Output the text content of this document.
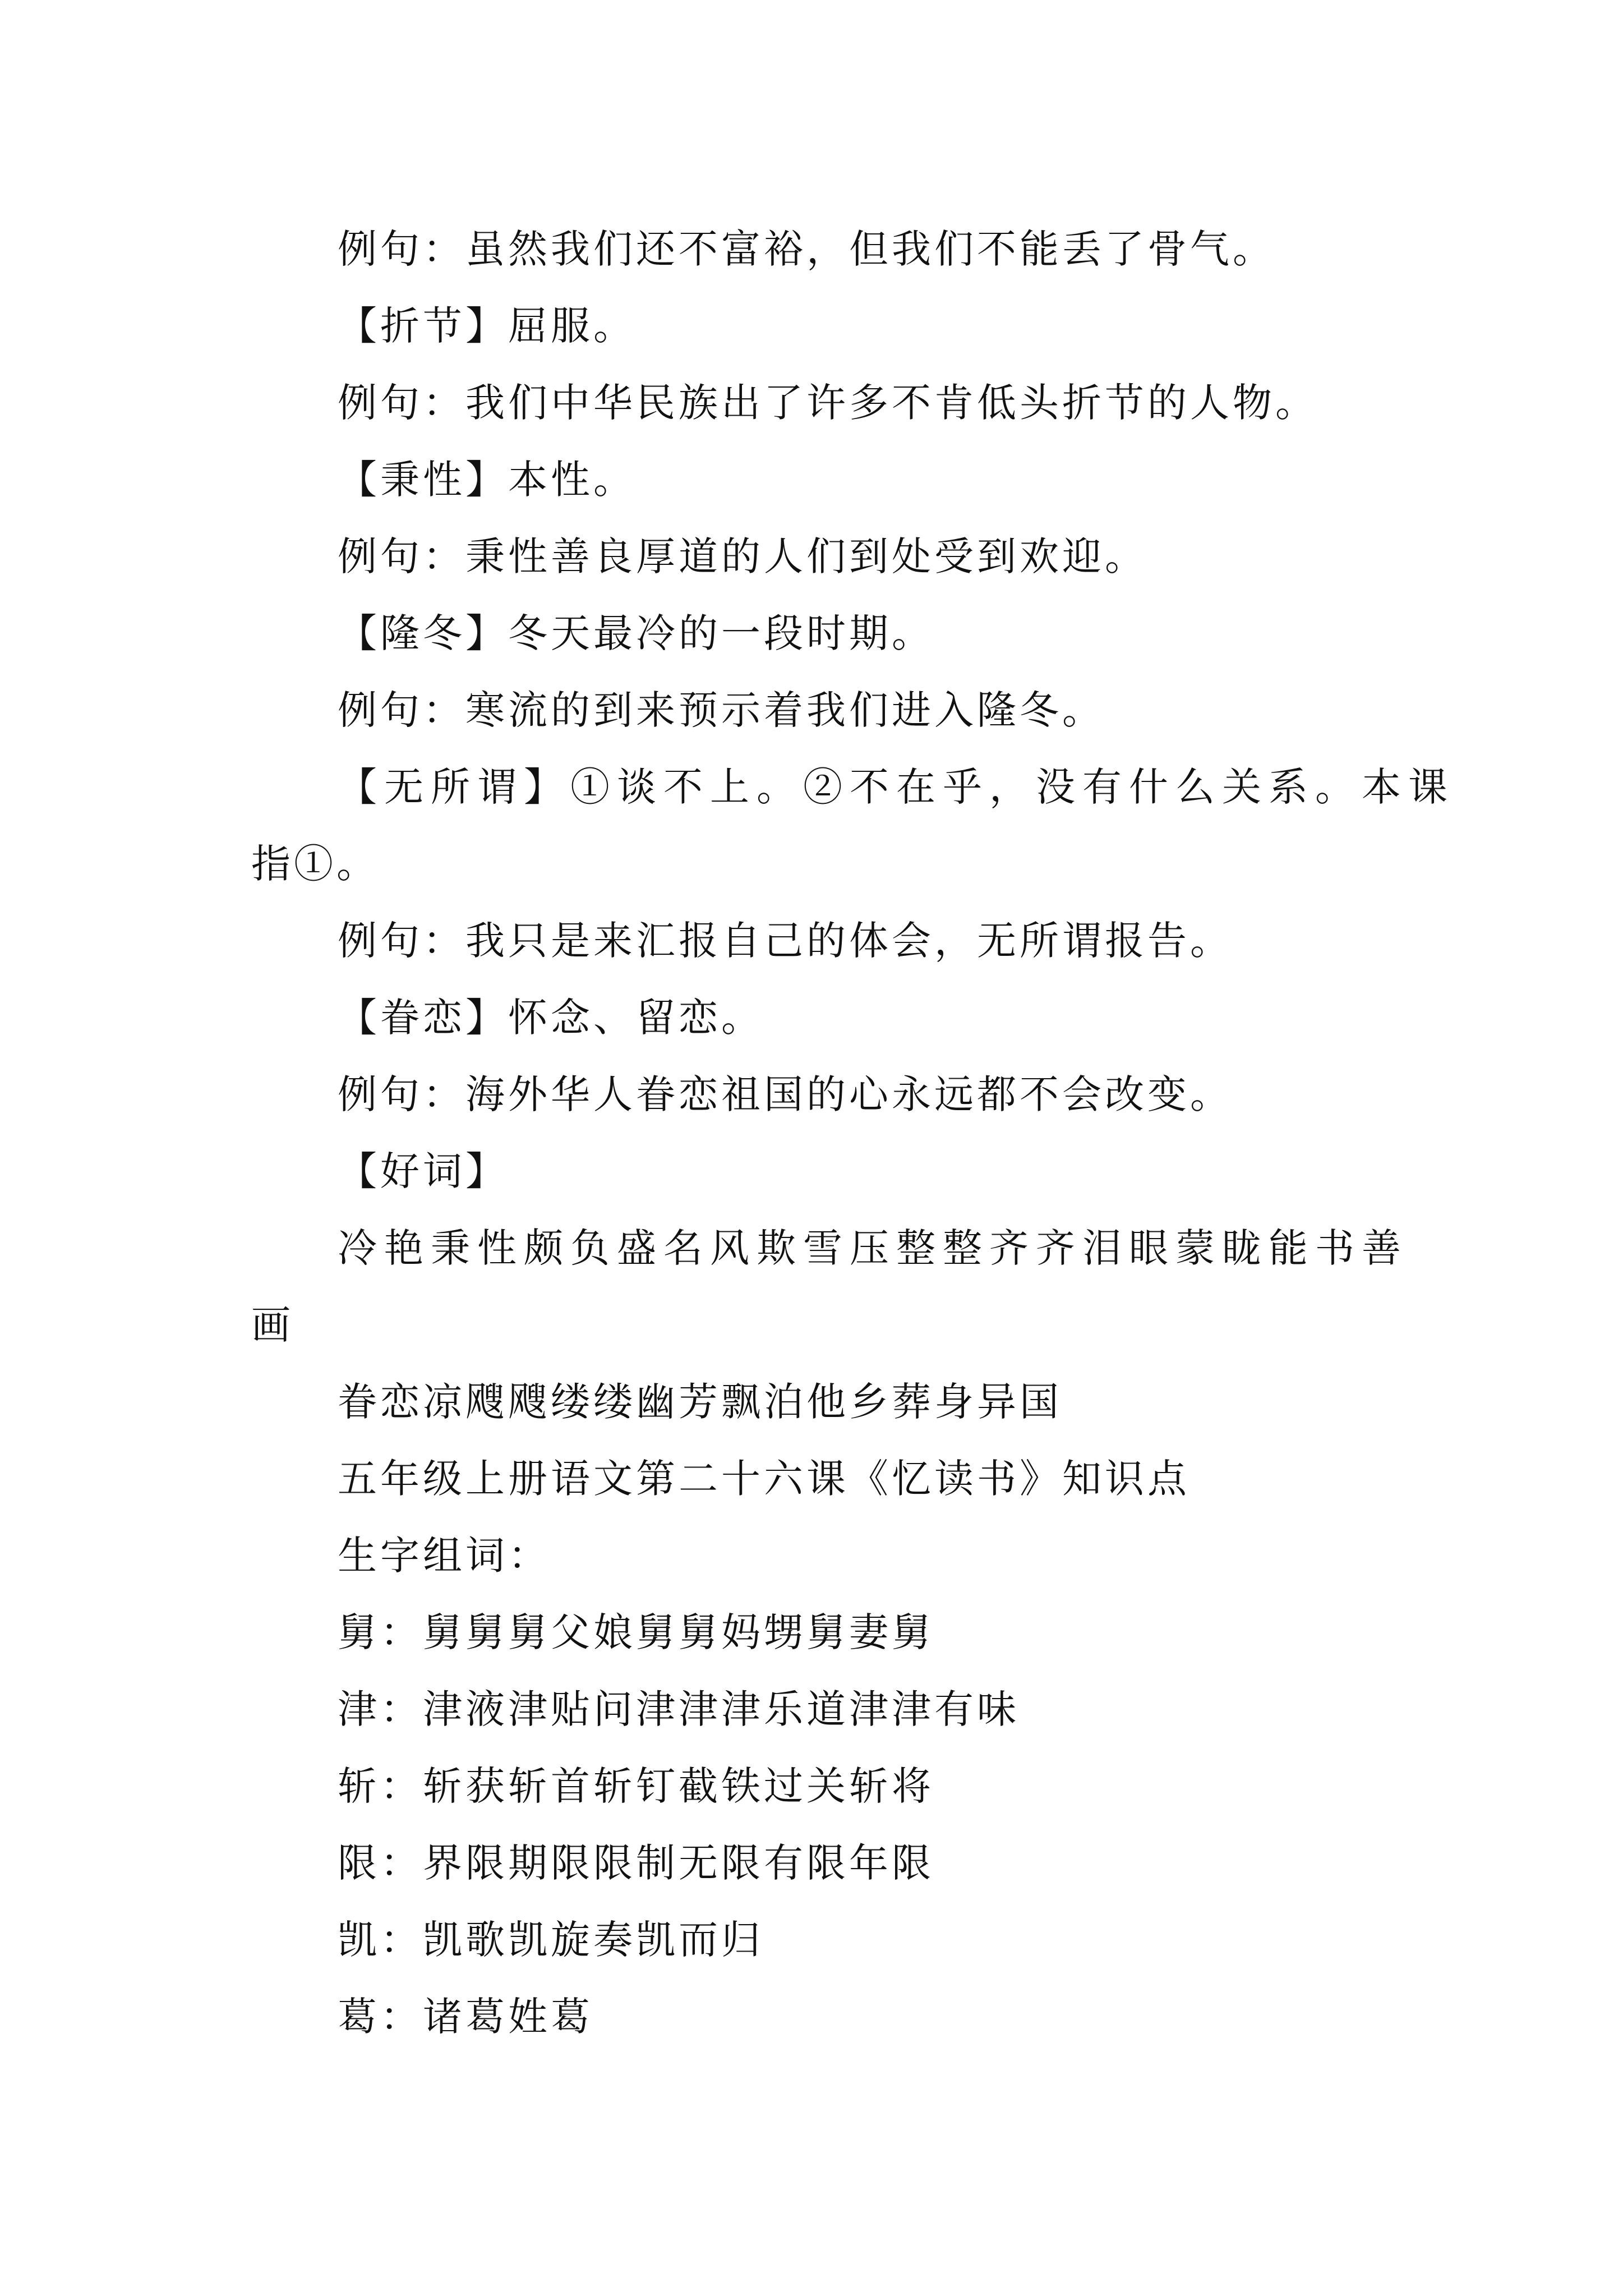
例句：虽然我们还不富裕，但我们不能丢了骨气。
【折节】屈服。
例句：我们中华民族出了许多不肯低头折节的人物。
【秉性】本性。
例句：秉性善良厚道的人们到处受到欢迎。
【隆冬】冬天最冷的一段时期。
例句：寒流的到来预示着我们进入隆冬。
【无所谓】①谈不上。②不在乎，没有什么关系。本课
指①。
例句：我只是来汇报自己的体会，无所谓报告。
【眷恋】怀念、留恋。
例句：海外华人眷恋祖国的心永远都不会改变。
【好词】
冷艳秉性颇负盛名风欺雪压整整齐齐泪眼蒙眬能书善
画
眷恋凉飕飕缕缕幽芳飘泊他乡葬身异国
五年级上册语文第二十六课《忆读书》知识点
生字组词：
舅：舅舅舅父娘舅舅妈甥舅妻舅
津：津液津贴问津津津乐道津津有味
斩：斩获斩首斩钉截铁过关斩将
限：界限期限限制无限有限年限
凯：凯歌凯旋奏凯而归
葛：诸葛姓葛
